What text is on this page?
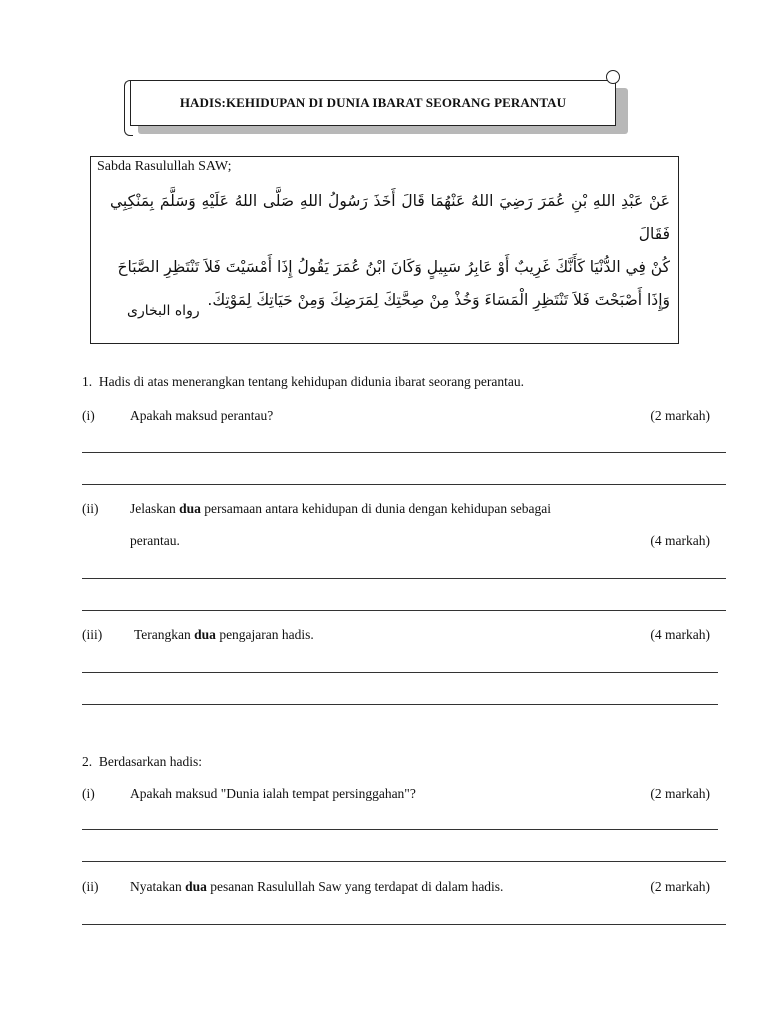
HADIS:KEHIDUPAN DI DUNIA IBARAT SEORANG PERANTAU
Sabda Rasulullah SAW;
عَنْ عَبْدِ اللهِ بْنِ عُمَرَ رَضِيَ اللهُ عَنْهُمَا قَالَ أَخَذَ رَسُولُ اللهِ صَلَّى اللهُ عَلَيْهِ وَسَلَّمَ بِمَنْكِبِي فَقَالَ
كُنْ فِي الدُّنْيَا كَأَنَّكَ غَرِيبٌ أَوْ عَابِرُ سَبِيلٍ وَكَانَ ابْنُ عُمَرَ يَقُولُ إِذَا أَمْسَيْتَ فَلاَ تَنْتَظِرِ الصَّبَاحَ
وَإِذَا أَصْبَحْتَ فَلاَ تَنْتَظِرِ الْمَسَاءَ وَخُذْ مِنْ صِحَّتِكَ لِمَرَضِكَ وَمِنْ حَيَاتِكَ لِمَوْتِكَ.
رواه البخارى
1. Hadis di atas menerangkan tentang kehidupan didunia ibarat seorang perantau.
(i)	Apakah maksud perantau?	(2 markah)
(ii) Jelaskan dua persamaan antara kehidupan di dunia dengan kehidupan sebagai
perantau.	(4 markah)
(iii) Terangkan dua pengajaran hadis.	(4 markah)
2. Berdasarkan hadis:
(i)	Apakah maksud "Dunia ialah tempat persinggahan"?	(2 markah)
(ii) Nyatakan dua pesanan Rasulullah Saw yang terdapat di dalam hadis.	(2 markah)
